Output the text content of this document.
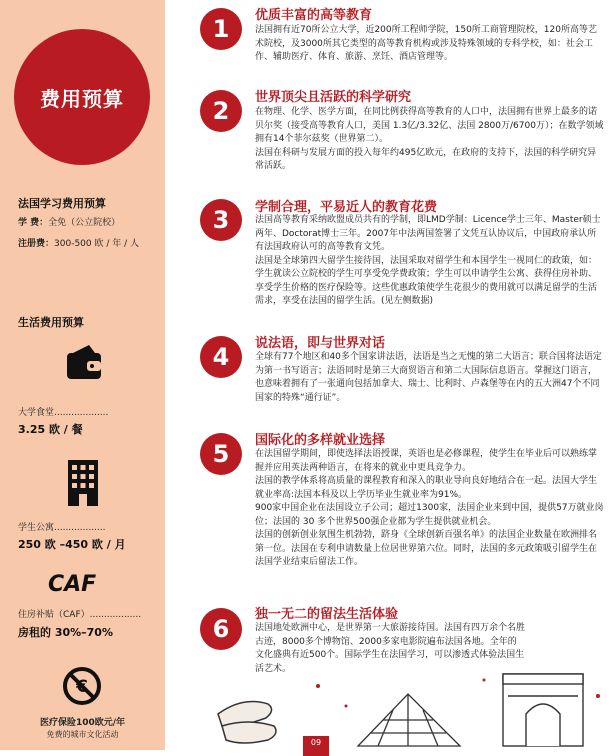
费用预算
法国学习费用预算
学 费：全免（公立院校）
注册费：300-500 欧 / 年 / 人
生活费用预算
大学食堂...................
3.25 欧 / 餐
学生公寓..................
250 欧 –450 欧 / 月
CAF
住房补贴（CAF）..................
房租的 30%–70%
€
医疗保险100欧元/年
免费的城市文化活动
1	优质丰富的高等教育

法国拥有近70所公立大学，近200所工程师学院，150所工商管理院校，120所高等艺术院校，及3000所其它类型的高等教育机构或涉及特殊领域的专科学校，如：社会工作、辅助医疗、体育、旅游、烹饪、酒店管理等。

2	世界顶尖且活跃的科学研究

在物理、化学、医学方面，在同比例获得高等教育的人口中，法国拥有世界上最多的诺贝尔奖（接受高等教育人口，美国 1.3亿/3.32亿、法国 2800万/6700万）；在数学领域拥有14个菲尔兹奖（世界第二）。

法国在科研与发展方面的投入每年约495亿欧元，在政府的支持下，法国的科学研究异常活跃。

3	学制合理，平易近人的教育花费

法国高等教育采纳欧盟成员共有的学制，即LMD学制：Licence学士三年、Master硕士两年、Doctorat博士三年。2007年中法两国签署了文凭互认协议后，中国政府承认所有法国政府认可的高等教育文凭。

法国是全球第四大留学生接待国，法国采取对留学生和本国学生一视同仁的政策，如：学生就读公立院校的学生可享受免学费政策；学生可以申请学生公寓、获得住房补助、享受学生价格的医疗保险等。这些优惠政策使学生花很少的费用就可以满足留学的生活需求，享受在法国的留学生活。(见左侧数据)

4	说法语，即与世界对话

全球有77个地区和40多个国家讲法语，法语是当之无愧的第二大语言；联合国将法语定为第一书写语言；法语同时是第三大商贸语言和第二大国际信息语言。掌握这门语言，也意味着拥有了一张通向包括加拿大、瑞士、比利时、卢森堡等在内的五大洲47个不同国家的特殊“通行证”。

5	国际化的多样就业选择

在法国留学期间，即使选择法语授课，英语也是必修课程，使学生在毕业后可以熟练掌握并应用英法两种语言，在将来的就业中更具竞争力。

法国的教学体系将高质量的课程教育和深入的职业导向良好地结合在一起。法国大学生就业率高:法国本科及以上学历毕业生就业率为91%。

900家中国企业在法国设立子公司；超过1300家，法国企业来到中国，提供57万就业岗位；法国的 30 多个世界500强企业都为学生提供就业机会。

法国的创新创业氛围生机勃勃，跻身《全球创新百强名单》的法国企业数量在欧洲排名第一位。法国在专利申请数量上位居世界第六位。同时，法国的多元政策吸引留学生在法国学业结束后留法工作。

6
独一无二的留法生活体验

法国地处欧洲中心，是世界第一大旅游接待国。法国有四万余个名胜古迹，8000多个博物馆、2000多家电影院遍布法国各地。全年的文化盛典有近500个。国际学生在法国学习，可以渗透式体验法国生活艺术。

09
